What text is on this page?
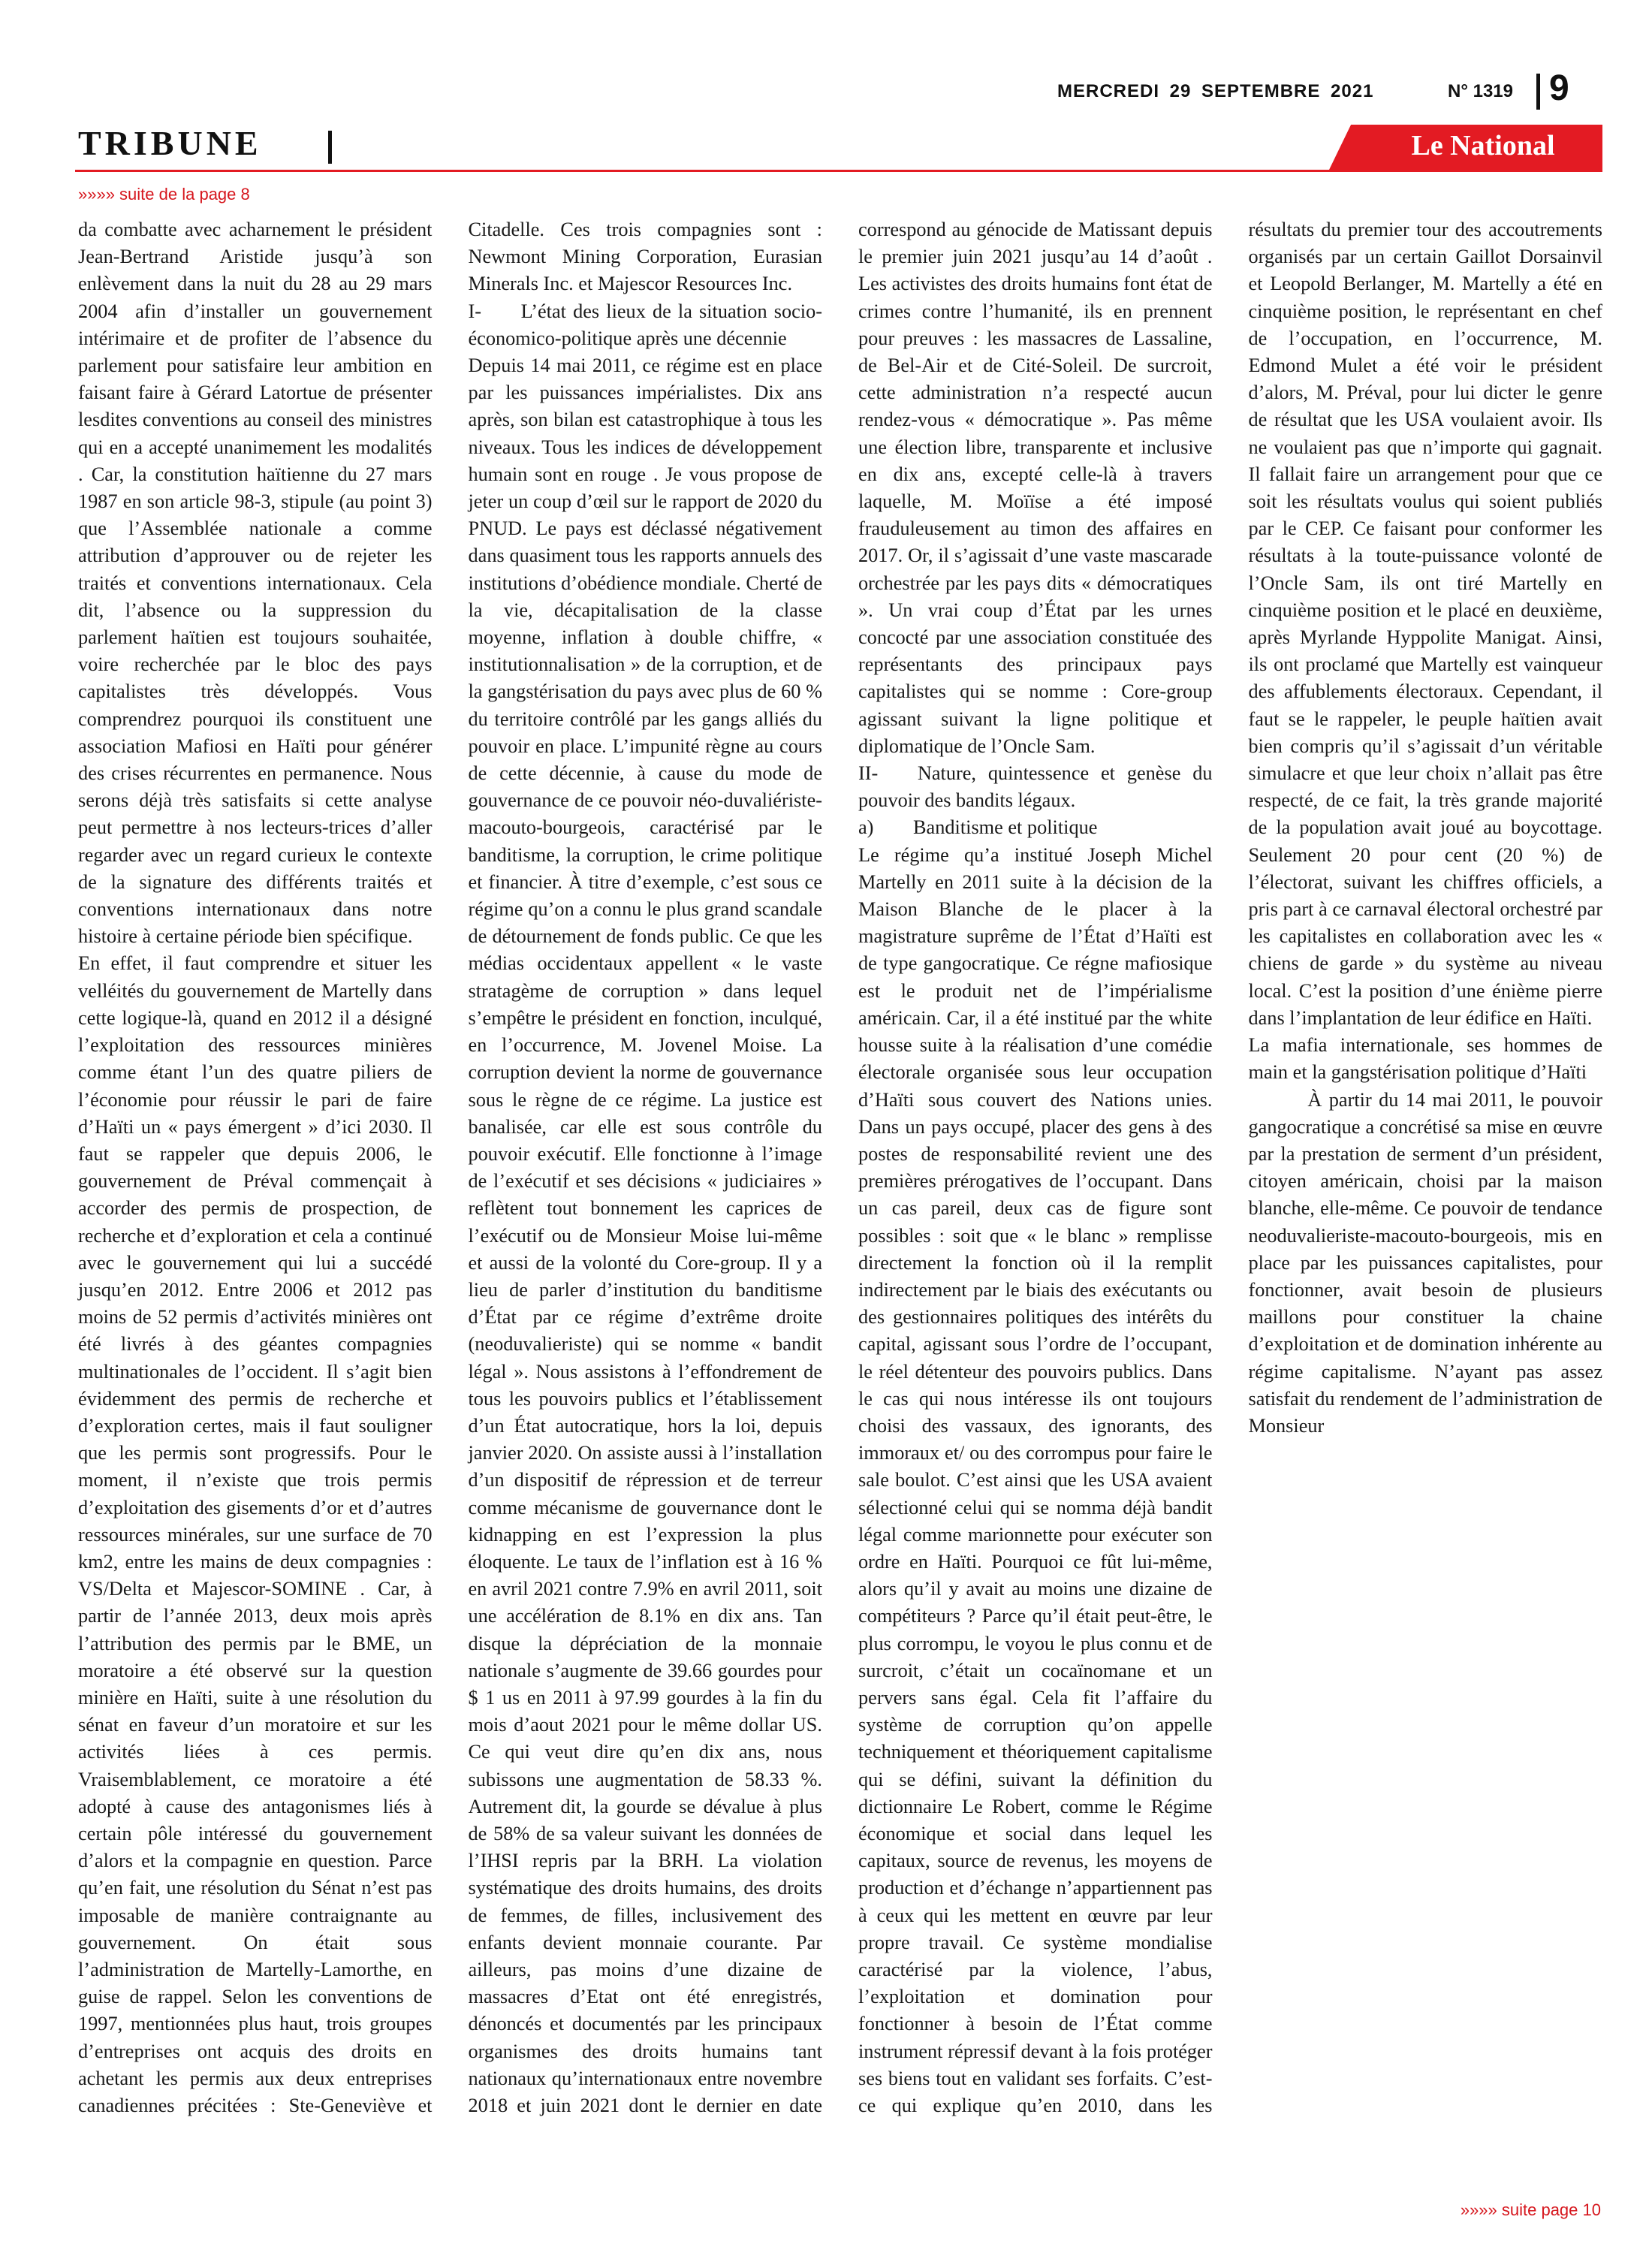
MERCREDI 29 SEPTEMBRE 2021	N° 1319 9
TRIBUNE	Le National
»»»» suite de la page 8

da combatte avec acharnement le président Jean-Bertrand Aristide jusqu’à son enlèvement dans la nuit du 28 au 29 mars 2004 afin d’installer un gouvernement intérimaire et de profiter de l’absence du parlement pour satisfaire leur ambition en faisant faire à Gérard Latortue de présenter lesdites conventions au conseil des ministres qui en a accepté unanimement les modalités . Car, la constitution haïtienne du 27 mars 1987 en son article 98-3, stipule (au point 3) que l’Assemblée nationale a comme attribution d’approuver ou de rejeter les traités et conventions internationaux. Cela dit, l’absence ou la suppression du parlement haïtien est toujours souhaitée, voire recherchée par le bloc des pays capitalistes très développés. Vous comprendrez pourquoi ils constituent une association Mafiosi en Haïti pour générer des crises récurrentes en permanence. Nous serons déjà très satisfaits si cette analyse peut permettre à nos lecteurs-trices d’aller regarder avec un regard curieux le contexte de la signature des différents traités et conventions internationaux dans notre histoire à certaine période bien spécifique.

En effet, il faut comprendre et situer les velléités du gouvernement de Martelly dans cette logique-là, quand en 2012 il a désigné l’exploitation des ressources minières comme étant l’un des quatre piliers de l’économie pour réussir le pari de faire d’Haïti un « pays émergent » d’ici 2030. Il faut se rappeler que depuis 2006, le gouvernement de Préval commençait à accorder des permis de prospection, de recherche et d’exploration et cela a continué avec le gouvernement qui lui a succédé jusqu’en 2012. Entre 2006 et 2012 pas moins de 52 permis d’activités minières ont été livrés à des géantes compagnies multinationales de l’occident. Il s’agit bien évidemment des permis de recherche et d’exploration certes, mais il faut souligner que les permis sont progressifs. Pour le moment, il n’existe que trois permis d’exploitation des gisements d’or et d’autres ressources minérales, sur une surface de 70 km2, entre les mains de deux compagnies : VS/Delta et Majescor-SOMINE . Car, à partir de l’année 2013, deux mois après l’attribution des permis par le BME, un moratoire a été observé sur la question minière en Haïti, suite à une résolution du sénat en faveur d’un moratoire et sur les activités liées à ces permis. Vraisemblablement, ce moratoire a été adopté à cause des antagonismes liés à certain pôle intéressé du gouvernement d’alors et la compagnie en question. Parce qu’en fait, une résolution du Sénat n’est pas imposable de manière contraignante au gouvernement. On était sous l’administration de Martelly-Lamorthe, en guise de rappel. Selon les conventions de 1997, mentionnées plus haut, trois groupes d’entreprises ont acquis des droits en achetant les permis aux deux entreprises canadiennes précitées : Ste-Geneviève et Citadelle. Ces trois compagnies sont : Newmont Mining Corporation, Eurasian Minerals Inc. et Majescor Resources Inc.

I-  L’état des lieux de la situation socio-économico-politique après une décennie

Depuis 14 mai 2011, ce régime est en place par les puissances impérialistes. Dix ans après, son bilan est catastrophique à tous les niveaux. Tous les indices de développement humain sont en rouge . Je vous propose de jeter un coup d’œil sur le rapport de 2020 du PNUD. Le pays est déclassé négativement dans quasiment tous les rapports annuels des institutions d’obédience mondiale. Cherté de la vie, décapitalisation de la classe moyenne, inflation à double chiffre, « institutionnalisation » de la corruption, et de la gangstérisation du pays avec plus de 60 % du territoire contrôlé par les gangs alliés du pouvoir en place. L’impunité règne au cours de cette décennie, à cause du mode de gouvernance de ce pouvoir néo-duvaliériste-macouto-bourgeois, caractérisé par le banditisme, la corruption, le crime politique et financier. À titre d’exemple, c’est sous ce régime qu’on a connu le plus grand scandale de détournement de fonds public. Ce que les médias occidentaux appellent « le vaste stratagème de corruption » dans lequel s’empêtre le président en fonction, inculqué, en l’occurrence, M. Jovenel Moise. La corruption devient la norme de gouvernance sous le règne de ce régime. La justice est banalisée, car elle est sous contrôle du pouvoir exécutif. Elle fonctionne à l’image de l’exécutif et ses décisions « judiciaires » reflètent tout bonnement les caprices de l’exécutif ou de Monsieur Moise lui-même et aussi de la volonté du Core-group. Il y a lieu de parler d’institution du banditisme d’État par ce régime d’extrême droite (neoduvalieriste) qui se nomme « bandit légal ». Nous assistons à l’effondrement de tous les pouvoirs publics et l’établissement d’un État autocratique, hors la loi, depuis janvier 2020. On assiste aussi à l’installation d’un dispositif de répression et de terreur comme mécanisme de gouvernance dont le kidnapping en est l’expression la plus éloquente. Le taux de l’inflation est à 16 % en avril 2021 contre 7.9% en avril 2011, soit une accélération de 8.1% en dix ans. Tan disque la dépréciation de la monnaie nationale s’augmente de 39.66 gourdes pour $ 1 us en 2011 à 97.99 gourdes à la fin du mois d’aout 2021 pour le même dollar US. Ce qui veut dire qu’en dix ans, nous subissons une augmentation de 58.33 %. Autrement dit, la gourde se dévalue à plus de 58% de sa valeur suivant les données de l’IHSI repris par la BRH. La violation systématique des droits humains, des droits de femmes, de filles, inclusivement des enfants devient monnaie courante. Par ailleurs, pas moins d’une dizaine de massacres d’Etat ont été enregistrés, dénoncés et documentés par les principaux organismes des droits humains tant nationaux qu’internationaux entre novembre 2018 et juin 2021 dont le dernier en date correspond au génocide de Matissant depuis le premier juin 2021 jusqu’au 14 d’août . Les activistes des droits humains font état de crimes contre l’humanité, ils en prennent pour preuves : les massacres de Lassaline, de Bel-Air et de Cité-Soleil. De surcroit, cette administration n’a respecté aucun rendez-vous « démocratique ». Pas même une élection libre, transparente et inclusive en dix ans, excepté celle-là à travers laquelle, M. Moïïse a été imposé frauduleusement au timon des affaires en 2017. Or, il s’agissait d’une vaste mascarade orchestrée par les pays dits « démocratiques ». Un vrai coup d’État par les urnes concocté par une association constituée des représentants des principaux pays capitalistes qui se nomme : Core-group agissant suivant la ligne politique et diplomatique de l’Oncle Sam.

II-  Nature, quintessence et genèse du pouvoir des bandits légaux.

a)  Banditisme et politique

Le régime qu’a institué Joseph Michel Martelly en 2011 suite à la décision de la Maison Blanche de le placer à la magistrature suprême de l’État d’Haïti est de type gangocratique. Ce régne mafiosique est le produit net de l’impérialisme américain. Car, il a été institué par the white housse suite à la réalisation d’une comédie électorale organisée sous leur occupation d’Haïti sous couvert des Nations unies. Dans un pays occupé, placer des gens à des postes de responsabilité revient une des premières prérogatives de l’occupant. Dans un cas pareil, deux cas de figure sont possibles : soit que « le blanc » remplisse directement la fonction où il la remplit indirectement par le biais des exécutants ou des gestionnaires politiques des intérêts du capital, agissant sous l’ordre de l’occupant, le réel détenteur des pouvoirs publics. Dans le cas qui nous intéresse ils ont toujours choisi des vassaux, des ignorants, des immoraux et/ ou des corrompus pour faire le sale boulot. C’est ainsi que les USA avaient sélectionné celui qui se nomma déjà bandit légal comme marionnette pour exécuter son ordre en Haïti. Pourquoi ce fût lui-même, alors qu’il y avait au moins une dizaine de compétiteurs ? Parce qu’il était peut-être, le plus corrompu, le voyou le plus connu et de surcroit, c’était un cocaïnomane et un pervers sans égal. Cela fit l’affaire du système de corruption qu’on appelle techniquement et théoriquement capitalisme qui se défini, suivant la définition du dictionnaire Le Robert, comme le Régime économique et social dans lequel les capitaux, source de revenus, les moyens de production et d’échange n’appartiennent pas à ceux qui les mettent en œuvre par leur propre travail. Ce système mondialise caractérisé par la violence, l’abus, l’exploitation et domination pour fonctionner à besoin de l’État comme instrument répressif devant à la fois protéger ses biens tout en validant ses forfaits. C’est-ce qui explique qu’en 2010, dans les résultats du premier tour des accoutrements organisés par un certain Gaillot Dorsainvil et Leopold Berlanger, M. Martelly a été en cinquième position, le représentant en chef de l’occupation, en l’occurrence, M. Edmond Mulet a été voir le président d’alors, M. Préval, pour lui dicter le genre de résultat que les USA voulaient avoir. Ils ne voulaient pas que n’importe qui gagnait. Il fallait faire un arrangement pour que ce soit les résultats voulus qui soient publiés par le CEP. Ce faisant pour conformer les résultats à la toute-puissance volonté de l’Oncle Sam, ils ont tiré Martelly en cinquième position et le placé en deuxième, après Myrlande Hyppolite Manigat. Ainsi, ils ont proclamé que Martelly est vainqueur des affublements électoraux. Cependant, il faut se le rappeler, le peuple haïtien avait bien compris qu’il s’agissait d’un véritable simulacre et que leur choix n’allait pas être respecté, de ce fait, la très grande majorité de la population avait joué au boycottage. Seulement 20 pour cent (20 %) de l’électorat, suivant les chiffres officiels, a pris part à ce carnaval électoral orchestré par les capitalistes en collaboration avec les « chiens de garde » du système au niveau local. C’est la position d’une énième pierre dans l’implantation de leur édifice en Haïti.

La mafia internationale, ses hommes de main et la gangstérisation politique d’Haïti

   À partir du 14 mai 2011, le pouvoir gangocratique a concrétisé sa mise en œuvre par la prestation de serment d’un président, citoyen américain, choisi par la maison blanche, elle-même. Ce pouvoir de tendance neoduvalieriste-macouto-bourgeois, mis en place par les puissances capitalistes, pour fonctionner, avait besoin de plusieurs maillons pour constituer la chaine d’exploitation et de domination inhérente au régime capitalisme. N’ayant pas assez satisfait du rendement de l’administration de Monsieur

»»»» suite page 10
